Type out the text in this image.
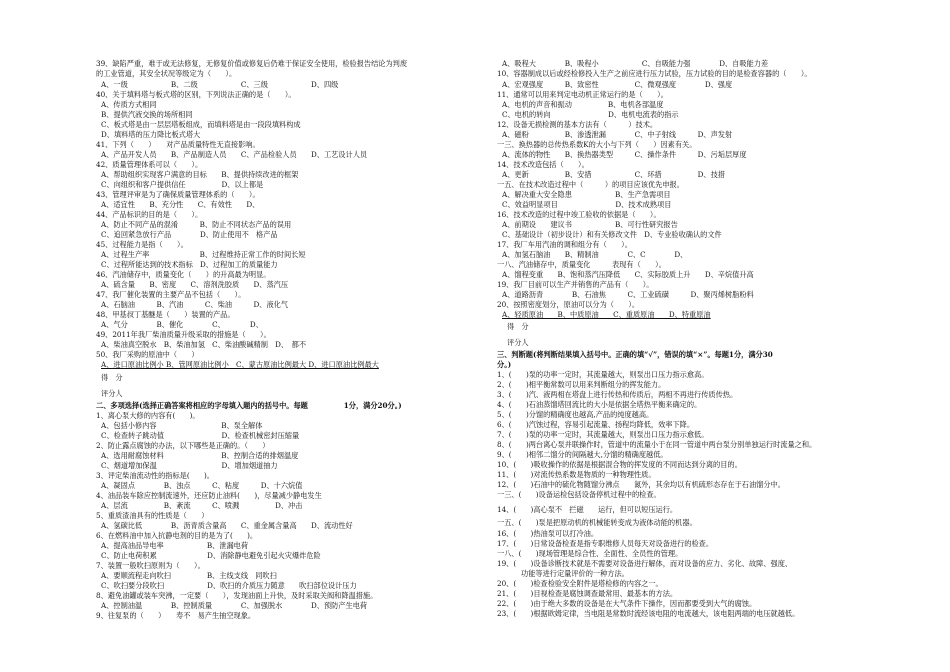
39、缺陷严重，难于或无法修复，无修复价值或修复后仍难于保证安全使用，检验报告结论为判废
的工业管道，其安全状况等级定为（　　）。
A、一级　　　　　　B、二级　　　　　　C、三级　　　　　　D、四级
40、关于填料塔与板式塔的区别，下列说法正确的是（　　）。
A、传质方式相同
B、提供汽液交换的场所相同
C、板式塔是由一层层塔板组成，而填料塔是由一段段填料构成
D、填料塔的压力降比板式塔大
41、下列（　　）　　对产品质量特性无直接影响。
A、产品开发人员　　B、产品制造人员　　C、产品检验人员　　D、工艺设计人员
42、质量管理体系可以（　　）。
A、帮助组织实现客户满意的目标　　B、提供持续改进的框架
C、向组织和客户提供信任　　　　　D、以上都是
43、管理评审是为了确保质量管理体系的（　　）。
A、适宜性　　B、充分性　　C、有效性　　D、
44、产品标识的目的是（　　）。
A、防止不同产品的混淆　　　B、防止不同状态产品的误用
C、追回紧急放行产品　　　　D、防止使用不　格产品
45、过程能力是指（　　）。
A、过程生产率　　　　　　　B、过程维持正常工作的时间长短
C、过程所能达到的技术指标　D、过程加工的质量能力
46、汽油储存中，质量变化（　　）的升高最为明显。
A、硫含量　　B、密度　　C、溶剂洗胶质　　D、蒸汽压
47、我厂催化装置的主要产品不包括（　　）。
A、石脑油　　　B、汽油　　　C、柴油　　　D、液化气
48、甲基叔丁基醚是（　　）装置的产品。
A、气分　　　　B、催化　　　　C、　　　　D、
49、2011年我厂柴油质量升级采取的措施是（　　）。
A、柴油真空脱水　B、柴油加氢　C、柴油酸碱精制　D、　都不
50、我厂采购的原油中（　　）
A、进口原油比例小 B、管网原油比例小　C、蒙古原油比例最大 D、进口原油比例最大
得　分
评分人
二、多项选择(选择正确答案将相应的字母填入题内的括号中。每题　　　　　1分，满分20分。)
1、离心泵大修的内容有(　　)。
A、包括小修内容　　　　　　　　　B、泵全解体
C、检查转子跳动值　　　　　　　　D、检查机械密封压缩量
2、防止露点腐蚀的办法，以下哪些是正确的。（　　）
A、选用耐腐蚀材料　　　　　　　　B、控制合适的排烟温度
C、烟道增加保温　　　　　　　　　D、增加烟道抽力
3、评定柴油流动性的指标是(　　)。
A、凝固点　　　　B、浊点　　　C、粘度　　　D、十六烷值
4、油品装车除应控制流速外，还应防止油料(　　)，尽量减少静电发生
A、层流　　　　　B、紊流　　　C、喷溅　　　　　D、冲击
5、重质渣油具有的性质是（　　）
A、氢碳比低　　　　B、沥青质含量高　　C、重金属含量高　　D、流动性好
6、在燃料油中加入抗静电剂的目的是为了(　　)。
A、提高油品导电率　　　　　　B、泄漏电荷
C、防止电荷积累　　　　　　　D、消除静电避免引起火灾爆炸危险
7、装置一般吹扫原则为（　　）。
A、要顺流程走向吹扫　　　　　B、主线支线　同吹扫
C、吹扫要分段吹扫　　　　　　D、吹扫的介质压力随意　　吹扫部位设计压力
8、避免油罐或装车突沸，一定要（　　），发现油面上升快，及时采取关阀和降温措施。
A、控制油温　　　　B、控制质量　　　　C、加强脱水　　　　D、预防产生电荷
9、往复泵的（　　）　　寿不　易产生抽空现象。
A、吸程大　　　　B、吸程小　　　　　　C、自吸能力强　　　　D、自吸能力差
10、容器制成以后或经检修投入生产之前应进行压力试验，压力试验的目的是检查容器的（　　）。
A、宏观强度　　　B、致密性　　　　　C、微观强度　　　　D、强度
11、通常可以用来判定电动机正常运行的是（　　）。
A、电机的声音和振动　　　　　B、电机各部温度
C、电机的转向　　　　　　　　D、电机电流表的指示
12、设备无损检测的基本方法有（　　　）技术。
A、磁粉　　　　　B、渗透泄漏　　　　C、中子射线　　　D、声发射
一三、换热器的总传热系数K的大小与下列（　　）因素有关。
A、流体的物性　　B、换热器类型　　　C、操作条件　　　D、污垢层厚度
14、技术改造包括（　　）。
A、更新　　　　　B、安措　　　　　　C、环措　　　　　D、技措
一五、在技术改造过程中（　　　）的项目应该优先申报。
A、解决重大安全隐患　　　　　　B、生产急需项目
C、效益明显项目　　　　　　　　D、技术成熟项目
16、技术改造的过程中竣工验收的依据是（　　）。
A、前期设　　建议书　　　　　　B、可行性研究报告
C、基础设计（初步设计）和有关修改文件　D、专业验收确认的文件
17、我厂车用汽油的调和组分有（　　）。
A、加氢石脑油　　B、精制油　　　　C、C　　　　D、
一八、汽油储存中，质量变化　　　表现有（　　）。
A、馏程变重　　B、饱和蒸汽压降低　　C、实际胶质上升　　D、辛烷值升高
19、我厂目前可以生产并销售的产品有（　　）。
A、道路沥青　　　　B、石油焦　　　C、工业硫磺　　　D、聚丙烯树脂粉料
20、按照密度划分，原油可以分为（　　）。
A、轻质原油　　B、中质原油　　C、重质原油　　D、特重原油
得　分
评分人
三、判断题(将判断结果填入括号中。正确的填“√”，错误的填“×”。每题1分，满分30
分。)
1、(　　)泵的功率一定时，其流量越大，则泵出口压力指示愈高。
2、(　　)相平衡常数可以用来判断组分的挥发能力。
3、(　　)汽、液两相在塔盘上进行传热和传质后，两相不再进行传质传热。
4、(　　)石油蒸馏塔回流比的大小是依据全塔热平衡来确定的。
5、(　　)分馏的精确度也越高,产品的纯度越高。
6、(　　)汽蚀过程，容易引起流量、扬程均降低，效率下降。
7、(　　)泵的功率一定时，其流量越大，则泵出口压力指示愈低。
8、(　　)两台离心泵并联操作时，管道中的流量小于在同一管道中两台泵分别单独运行时流量之和。
9、(　　)相邻二馏分的间隔越大,分馏的精确度越低。
10、(　　)吸收操作的依据是根据混合物的挥发度的不同而达到分离的目的。
11、(　　)对流传热系数是物质的一种物理性质。
12、(　　)石油中的硫化物随馏分沸点　　氮外，其余均以有机硫形态存在于石油馏分中。
一三、(　　)设备运检包括设备停机过程中的检查。
14、(　　)高心泵不　拦磁　　运行，但可以短压运行。
一五、(　　)泵是把原动机的机械能转变成为液体动能的机器。
16、(　　)热油泵可以打冷油。
17、(　　)日常设备检查是指专职维修人员每天对设备进行的检查。
一八、(　　)现场管理是综合性、全面性、全员性的管理。
19、(　　)设备诊断技术就是不需要对设备进行解体，而对设备的应力、劣化、故障、强度、
功能等进行定量评价的一种方法。
20、(　　)检查检验安全附件是塔检修的内容之一。
21、(　　)目视检查是腐蚀调查最常用、最基本的方法。
22、(　　)由于绝大多数的设备是在大气条件下操作，因而都要受到大气的腐蚀。
23、(　　)根据欧姆定律，当电阻是常数时流经该电阻的电流越大，该电阻两端的电压就越低。
